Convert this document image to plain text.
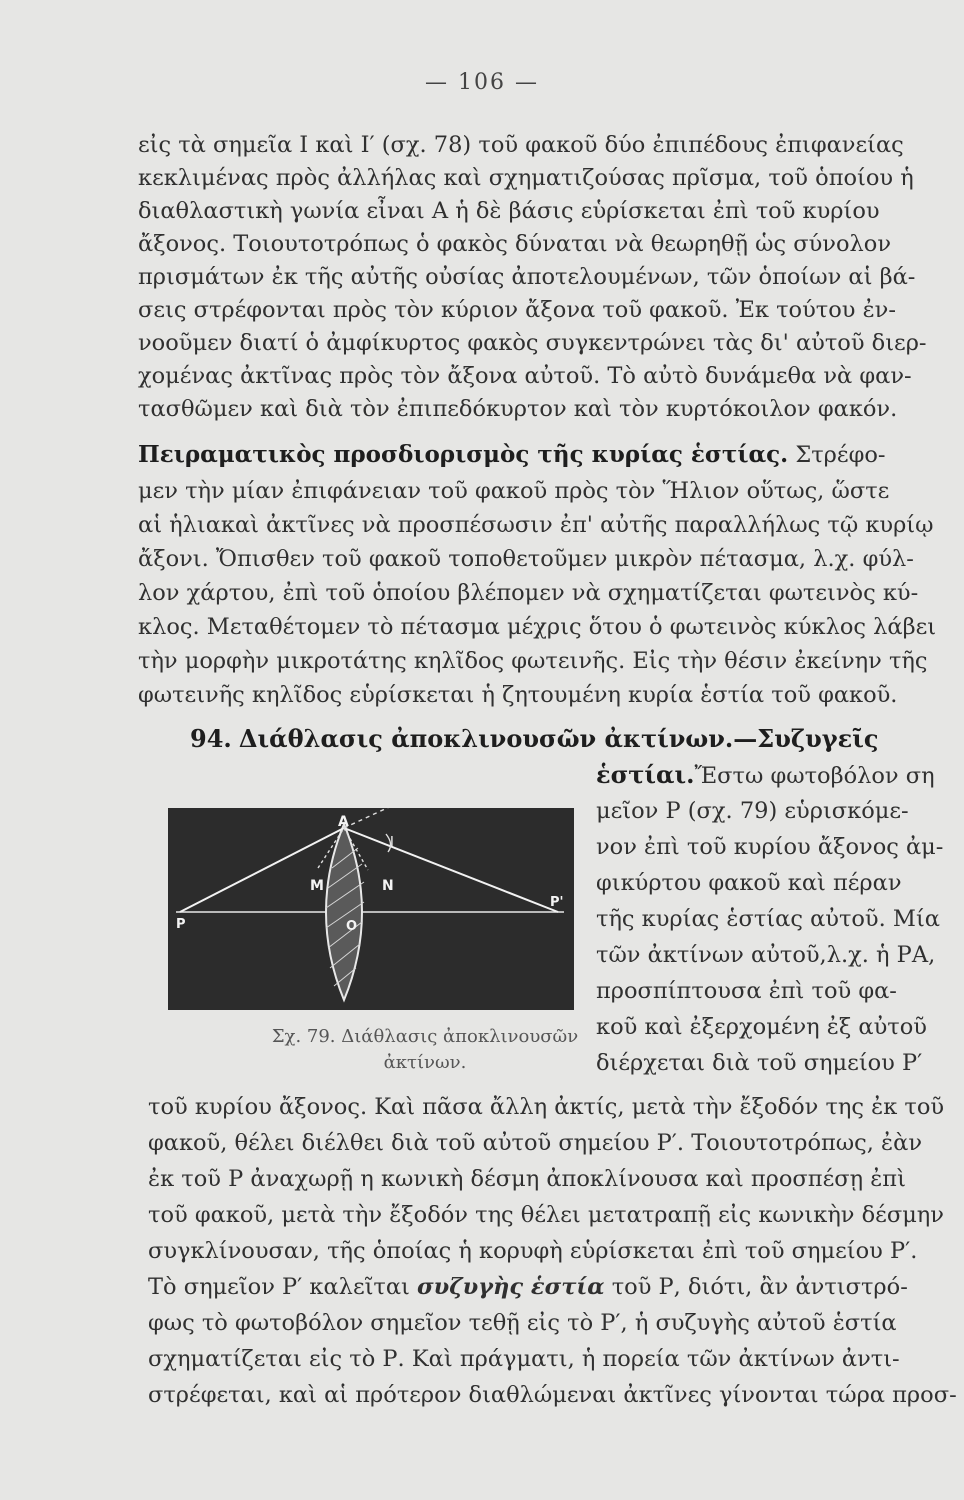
— 106 —
εἰς τὰ σημεῖα I καὶ I′ (σχ. 78) τοῦ φακοῦ δύο ἐπιπέδους ἐπιφανείας
κεκλιμένας πρὸς ἀλλήλας καὶ σχηματιζούσας πρῖσμα, τοῦ ὁποίου ἡ
διαθλαστικὴ γωνία εἶναι Α ἡ δὲ βάσις εὑρίσκεται ἐπὶ τοῦ κυρίου
ἄξονος. Τοιουτοτρόπως ὁ φακὸς δύναται νὰ θεωρηθῇ ὡς σύνολον
πρισμάτων ἐκ τῆς αὐτῆς οὐσίας ἀποτελουμένων, τῶν ὁποίων αἱ βά-
σεις στρέφονται πρὸς τὸν κύριον ἄξονα τοῦ φακοῦ. Ἐκ τούτου ἐν-
νοοῦμεν διατί ὁ ἀμφίκυρτος φακὸς συγκεντρώνει τὰς δι' αὐτοῦ διερ-
χομένας ἀκτῖνας πρὸς τὸν ἄξονα αὐτοῦ. Τὸ αὐτὸ δυνάμεθα νὰ φαν-
τασθῶμεν καὶ διὰ τὸν ἐπιπεδόκυρτον καὶ τὸν κυρτόκοιλον φακόν.
Πειραματικὸς προσδιορισμὸς τῆς κυρίας ἑστίας. Στρέφο-
μεν τὴν μίαν ἐπιφάνειαν τοῦ φακοῦ πρὸς τὸν Ἥλιον οὕτως, ὥστε
αἱ ἡλιακαὶ ἀκτῖνες νὰ προσπέσωσιν ἐπ' αὐτῆς παραλλήλως τῷ κυρίῳ
ἄξονι. Ὄπισθεν τοῦ φακοῦ τοποθετοῦμεν μικρὸν πέτασμα, λ.χ. φύλ-
λον χάρτου, ἐπὶ τοῦ ὁποίου βλέπομεν νὰ σχηματίζεται φωτεινὸς κύ-
κλος. Μεταθέτομεν τὸ πέτασμα μέχρις ὅτου ὁ φωτεινὸς κύκλος λάβει
τὴν μορφὴν μικροτάτης κηλῖδος φωτεινῆς. Εἰς τὴν θέσιν ἐκείνην τῆς
φωτεινῆς κηλῖδος εὑρίσκεται ἡ ζητουμένη κυρία ἑστία τοῦ φακοῦ.
94. Διάθλασις ἀποκλινουσῶν ἀκτίνων.—Συζυγεῖς
ἑστίαι.Ἔστω φωτοβόλον ση
μεῖον Ρ (σχ. 79) εὑρισκόμε-
νον ἐπὶ τοῦ κυρίου ἄξονος ἀμ-
φικύρτου φακοῦ καὶ πέραν
τῆς κυρίας ἑστίας αὐτοῦ. Μία
τῶν ἀκτίνων αὐτοῦ,λ.χ. ἡ ΡΑ,
προσπίπτουσα ἐπὶ τοῦ φα-
κοῦ καὶ ἐξερχομένη ἐξ αὐτοῦ
διέρχεται διὰ τοῦ σημείου Ρ′
A
I
M	N
P
P'
O
Σχ. 79. Διάθλασις ἀποκλινουσῶν
ἀκτίνων.
τοῦ κυρίου ἄξονος. Καὶ πᾶσα ἄλλη ἀκτίς, μετὰ τὴν ἔξοδόν της ἐκ τοῦ
φακοῦ, θέλει διέλθει διὰ τοῦ αὐτοῦ σημείου Ρ′. Τοιουτοτρόπως, ἐὰν
ἐκ τοῦ Ρ ἀναχωρῇ η κωνικὴ δέσμη ἀποκλίνουσα καὶ προσπέσῃ ἐπὶ
τοῦ φακοῦ, μετὰ τὴν ἔξοδόν της θέλει μετατραπῇ εἰς κωνικὴν δέσμην
συγκλίνουσαν, τῆς ὁποίας ἡ κορυφὴ εὑρίσκεται ἐπὶ τοῦ σημείου Ρ′.
Τὸ σημεῖον Ρ′ καλεῖται συζυγὴς ἑστία τοῦ Ρ, διότι, ἂν ἀντιστρό-
φως τὸ φωτοβόλον σημεῖον τεθῇ εἰς τὸ Ρ′, ἡ συζυγὴς αὐτοῦ ἑστία
σχηματίζεται εἰς τὸ Ρ. Καὶ πράγματι, ἡ πορεία τῶν ἀκτίνων ἀντι-
στρέφεται, καὶ αἱ πρότερον διαθλώμεναι ἀκτῖνες γίνονται τώρα προσ-
